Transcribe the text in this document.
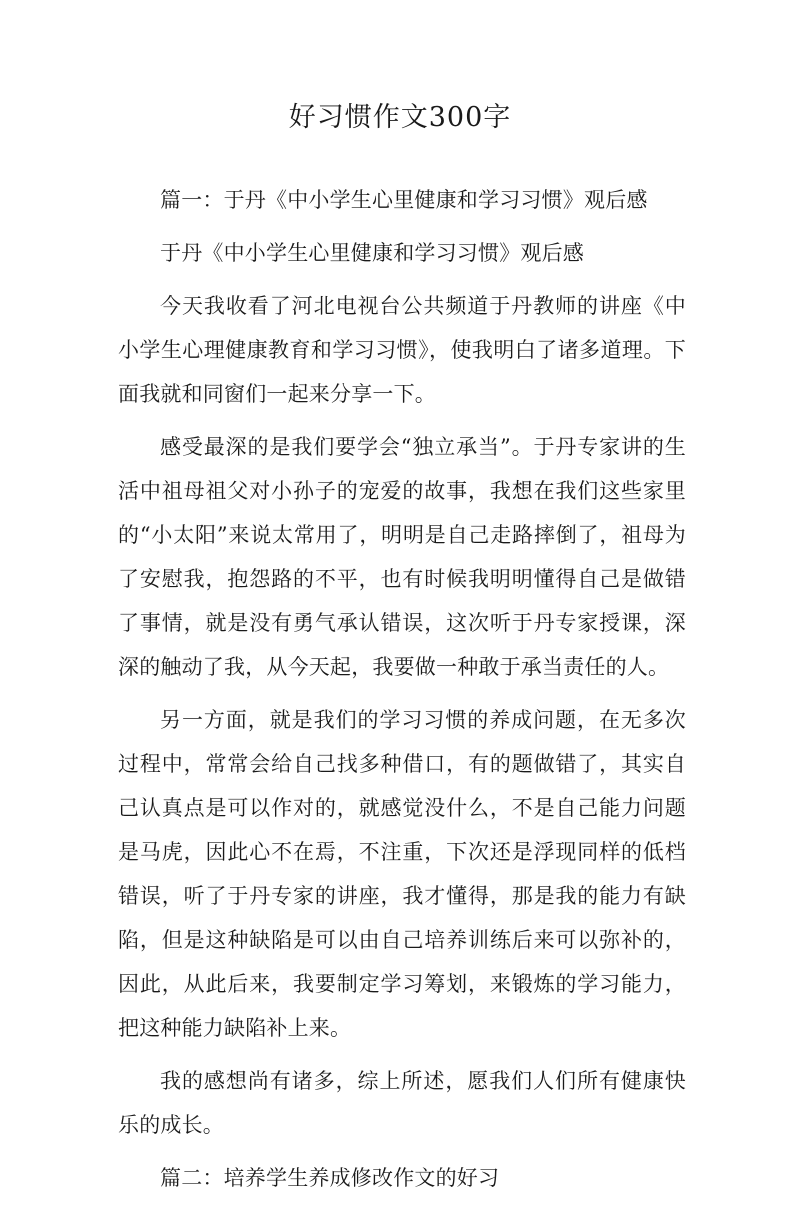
好习惯作文300字

篇一：于丹《中小学生心里健康和学习习惯》观后感

于丹《中小学生心里健康和学习习惯》观后感

今天我收看了河北电视台公共频道于丹教师的讲座《中小学生心理健康教育和学习习惯》，使我明白了诸多道理。下面我就和同窗们一起来分享一下。

感受最深的是我们要学会“独立承当”。于丹专家讲的生活中祖母祖父对小孙子的宠爱的故事，我想在我们这些家里的“小太阳”来说太常用了，明明是自己走路摔倒了，祖母为了安慰我，抱怨路的不平，也有时候我明明懂得自己是做错了事情，就是没有勇气承认错误，这次听于丹专家授课，深深的触动了我，从今天起，我要做一种敢于承当责任的人。

另一方面，就是我们的学习习惯的养成问题，在无多次过程中，常常会给自己找多种借口，有的题做错了，其实自己认真点是可以作对的，就感觉没什么，不是自己能力问题是马虎，因此心不在焉，不注重，下次还是浮现同样的低档错误，听了于丹专家的讲座，我才懂得，那是我的能力有缺陷，但是这种缺陷是可以由自己培养训练后来可以弥补的，因此，从此后来，我要制定学习筹划，来锻炼的学习能力，把这种能力缺陷补上来。

我的感想尚有诸多，综上所述，愿我们人们所有健康快乐的成长。

篇二：培养学生养成修改作文的好习
